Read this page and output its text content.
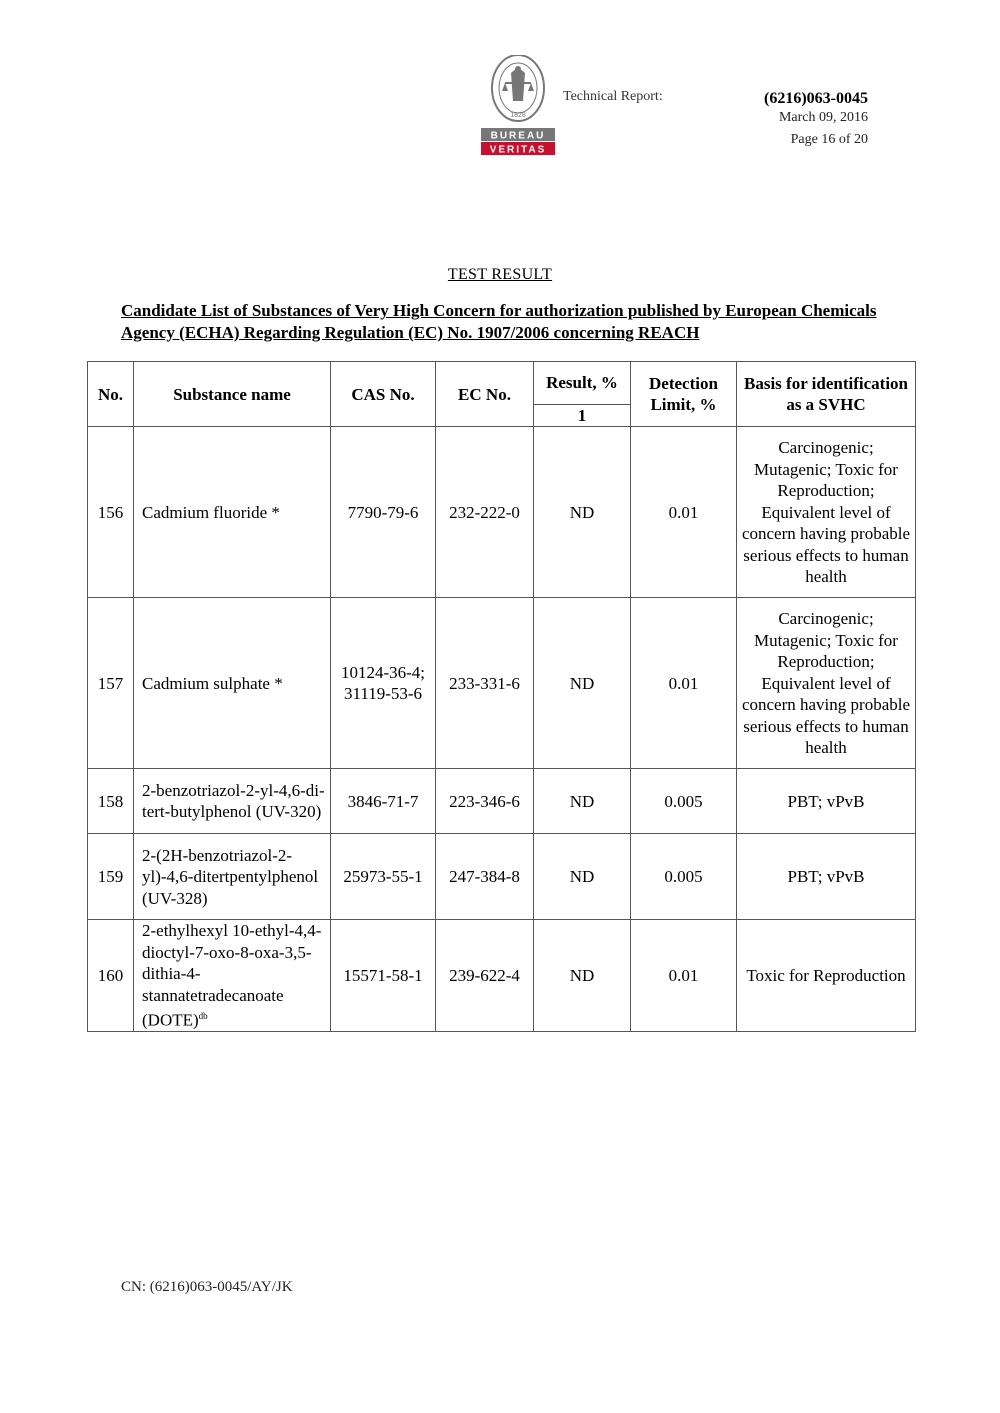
1828
BUREAU
VERITAS
Technical Report:	(6216)063-0045
March 09, 2016
Page 16 of 20
TEST RESULT
Candidate List of Substances of Very High Concern for authorization published by European Chemicals Agency (ECHA) Regarding Regulation (EC) No. 1907/2006 concerning REACH
No.	Substance name	CAS No.	EC No.	Result, %	Detection Limit, %	Basis for identification as a SVHC
				1		
156	Cadmium fluoride *	7790-79-6	232-222-0	ND	0.01	Carcinogenic; Mutagenic; Toxic for Reproduction; Equivalent level of concern having probable serious effects to human health
157	Cadmium sulphate *	10124-36-4; 31119-53-6	233-331-6	ND	0.01	Carcinogenic; Mutagenic; Toxic for Reproduction; Equivalent level of concern having probable serious effects to human health
158	2-benzotriazol-2-yl-4,6-di-tert-butylphenol (UV-320)	3846-71-7	223-346-6	ND	0.005	PBT; vPvB
159	2-(2H-benzotriazol-2-yl)-4,6-ditertpentylphenol (UV-328)	25973-55-1	247-384-8	ND	0.005	PBT; vPvB
160	2-ethylhexyl 10-ethyl-4,4-dioctyl-7-oxo-8-oxa-3,5-dithia-4-stannatetradecanoate (DOTE)$^{db}$	15571-58-1	239-622-4	ND	0.01	Toxic for Reproduction
CN: (6216)063-0045/AY/JK
